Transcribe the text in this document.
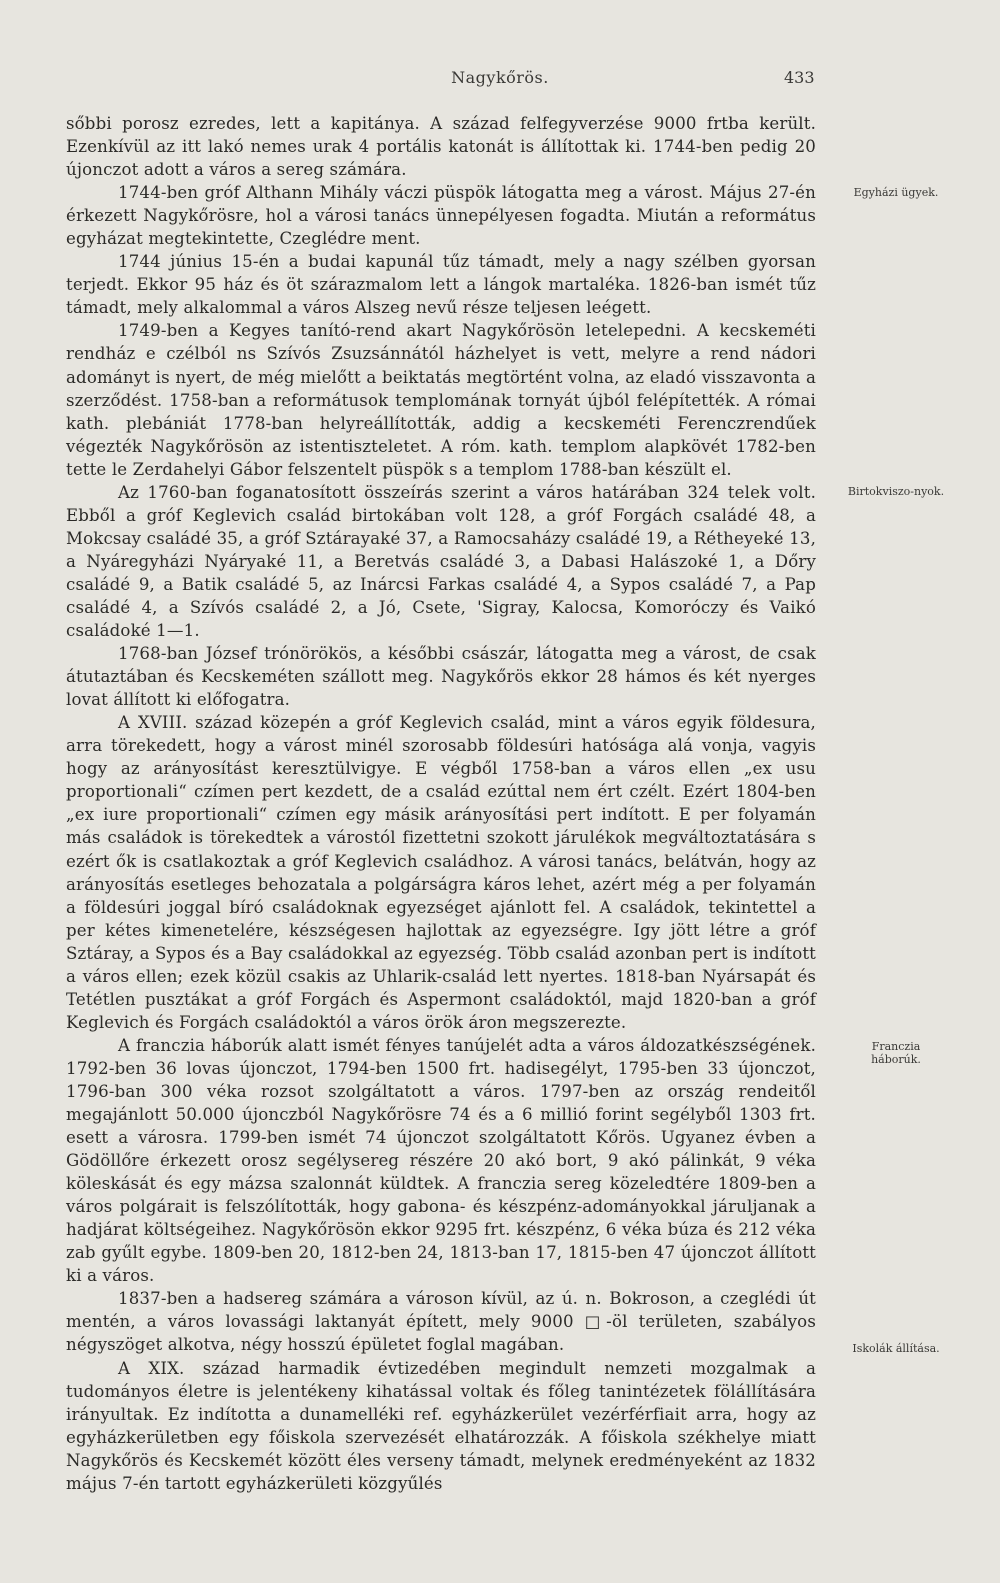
Nagykőrös.	433

sőbbi porosz ezredes, lett a kapitánya. A század felfegyverzése 9000 frtba került. Ezenkívül az itt lakó nemes urak 4 portális katonát is állítottak ki. 1744-ben pedig 20 újonczot adott a város a sereg számára.

1744-ben gróf Althann Mihály váczi püspök látogatta meg a várost. Május 27-én érkezett Nagykőrösre, hol a városi tanács ünnepélyesen fogadta. Miután a református egyházat megtekintette, Czeglédre ment.

1744 június 15-én a budai kapunál tűz támadt, mely a nagy szélben gyorsan terjedt. Ekkor 95 ház és öt szárazmalom lett a lángok martaléka. 1826-ban ismét tűz támadt, mely alkalommal a város Alszeg nevű része teljesen leégett.

1749-ben a Kegyes tanító-rend akart Nagykőrösön letelepedni. A kecskeméti rendház e czélból ns Szívós Zsuzsánnától házhelyet is vett, melyre a rend nádori adományt is nyert, de még mielőtt a beiktatás megtörtént volna, az eladó visszavonta a szerződést. 1758-ban a reformátusok templomának tornyát újból felépítették. A római kath. plebániát 1778-ban helyreállították, addig a kecskeméti Ferenczrendűek végezték Nagykőrösön az istentiszteletet. A róm. kath. templom alapkövét 1782-ben tette le Zerdahelyi Gábor felszentelt püspök s a templom 1788-ban készült el.

Az 1760-ban foganatosított összeírás szerint a város határában 324 telek volt. Ebből a gróf Keglevich család birtokában volt 128, a gróf Forgách családé 48, a Mokcsay családé 35, a gróf Sztárayaké 37, a Ramocsaházy családé 19, a Rétheyeké 13, a Nyáregyházi Nyáryaké 11, a Beretvás családé 3, a Dabasi Halászoké 1, a Dőry családé 9, a Batik családé 5, az Inárcsi Farkas családé 4, a Sypos családé 7, a Pap családé 4, a Szívós családé 2, a Jó, Csete, 'Sigray, Kalocsa, Komoróczy és Vaikó családoké 1—1.

1768-ban József trónörökös, a későbbi császár, látogatta meg a várost, de csak átutaztában és Kecskeméten szállott meg. Nagykőrös ekkor 28 hámos és két nyerges lovat állított ki előfogatra.

A XVIII. század közepén a gróf Keglevich család, mint a város egyik földesura, arra törekedett, hogy a várost minél szorosabb földesúri hatósága alá vonja, vagyis hogy az arányosítást keresztülvigye. E végből 1758-ban a város ellen „ex usu proportionali“ czímen pert kezdett, de a család ezúttal nem ért czélt. Ezért 1804-ben „ex iure proportionali“ czímen egy másik arányosítási pert indított. E per folyamán más családok is törekedtek a várostól fizettetni szokott járulékok megváltoztatására s ezért ők is csatlakoztak a gróf Keglevich családhoz. A városi tanács, belátván, hogy az arányosítás esetleges behozatala a polgárságra káros lehet, azért még a per folyamán a földesúri joggal bíró családoknak egyezséget ajánlott fel. A családok, tekintettel a per kétes kimenetelére, készségesen hajlottak az egyezségre. Igy jött létre a gróf Sztáray, a Sypos és a Bay családokkal az egyezség. Több család azonban pert is indított a város ellen; ezek közül csakis az Uhlarik-család lett nyertes. 1818-ban Nyársapát és Tetétlen pusztákat a gróf Forgách és Aspermont családoktól, majd 1820-ban a gróf Keglevich és Forgách családoktól a város örök áron megszerezte.

A franczia háborúk alatt ismét fényes tanújelét adta a város áldozatkészségének. 1792-ben 36 lovas újonczot, 1794-ben 1500 frt. hadisegélyt, 1795-ben 33 újonczot, 1796-ban 300 véka rozsot szolgáltatott a város. 1797-ben az ország rendeitől megajánlott 50.000 újonczból Nagykőrösre 74 és a 6 millió forint segélyből 1303 frt. esett a városra. 1799-ben ismét 74 újonczot szolgáltatott Kőrös. Ugyanez évben a Gödöllőre érkezett orosz segélysereg részére 20 akó bort, 9 akó pálinkát, 9 véka köleskását és egy mázsa szalonnát küldtek. A franczia sereg közeledtére 1809-ben a város polgárait is felszólították, hogy gabona- és készpénz-adományokkal járuljanak a hadjárat költségeihez. Nagykőrösön ekkor 9295 frt. készpénz, 6 véka búza és 212 véka zab gyűlt egybe. 1809-ben 20, 1812-ben 24, 1813-ban 17, 1815-ben 47 újonczot állított ki a város.

1837-ben a hadsereg számára a városon kívül, az ú. n. Bokroson, a czeglédi út mentén, a város lovassági laktanyát épített, mely 9000 □-öl területen, szabályos négyszöget alkotva, négy hosszú épületet foglal magában.

A XIX. század harmadik évtizedében megindult nemzeti mozgalmak a tudományos életre is jelentékeny kihatással voltak és főleg tanintézetek fölállítására irányultak. Ez indította a dunamelléki ref. egyházkerület vezérférfiait arra, hogy az egyházkerületben egy főiskola szervezését elhatározzák. A főiskola székhelye miatt Nagykőrös és Kecskemét között éles verseny támadt, melynek eredményeként az 1832 május 7-én tartott egyházkerületi közgyűlés

Egyházi ügyek.
Birtokviszo-nyok.
Franczia háborúk.
Iskolák állítása.
